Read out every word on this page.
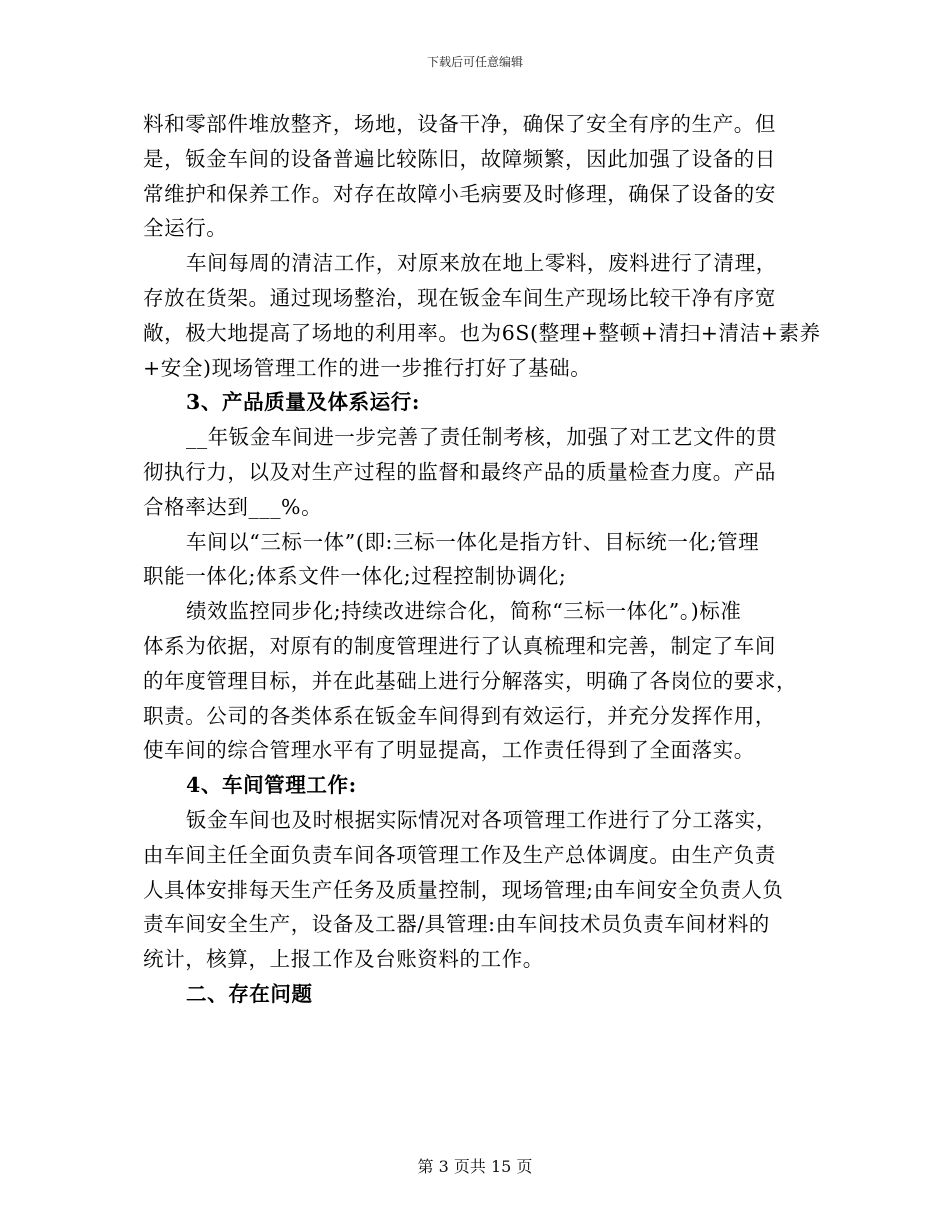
下载后可任意编辑

料和零部件堆放整齐，场地，设备干净，确保了安全有序的生产。但

是，钣金车间的设备普遍比较陈旧，故障频繁，因此加强了设备的日

常维护和保养工作。对存在故障小毛病要及时修理，确保了设备的安

全运行。

车间每周的清洁工作，对原来放在地上零料，废料进行了清理，

存放在货架。通过现场整治，现在钣金车间生产现场比较干净有序宽

敞，极大地提高了场地的利用率。也为6S(整理+整顿+清扫+清洁+素养

+安全)现场管理工作的进一步推行打好了基础。

3、产品质量及体系运行:

__年钣金车间进一步完善了责任制考核，加强了对工艺文件的贯

彻执行力，以及对生产过程的监督和最终产品的质量检查力度。产品

合格率达到___%。

车间以“三标一体”(即:三标一体化是指方针、目标统一化;管理

职能一体化;体系文件一体化;过程控制协调化;

绩效监控同步化;持续改进综合化，简称“三标一体化”。)标准

体系为依据，对原有的制度管理进行了认真梳理和完善，制定了车间

的年度管理目标，并在此基础上进行分解落实，明确了各岗位的要求，

职责。公司的各类体系在钣金车间得到有效运行，并充分发挥作用，

使车间的综合管理水平有了明显提高，工作责任得到了全面落实。

4、车间管理工作:

钣金车间也及时根据实际情况对各项管理工作进行了分工落实，

由车间主任全面负责车间各项管理工作及生产总体调度。由生产负责

人具体安排每天生产任务及质量控制，现场管理;由车间安全负责人负

责车间安全生产，设备及工器/具管理:由车间技术员负责车间材料的

统计，核算，上报工作及台账资料的工作。

二、存在问题

第 3 页共 15 页
